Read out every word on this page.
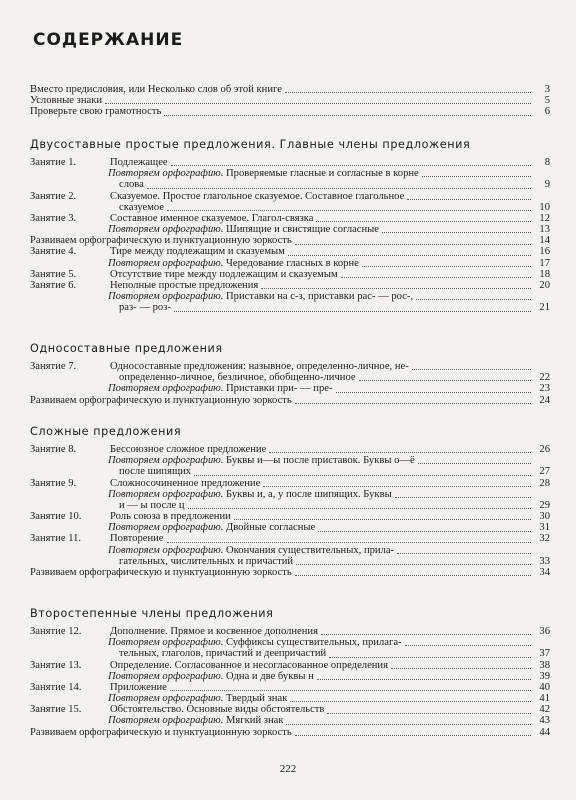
СОДЕРЖАНИЕ
Вместо предисловия, или Несколько слов об этой книге	3
Условные знаки	5
Проверьте свою грамотность	6
Двусоставные простые предложения. Главные члены предложения
Занятие 1.	Подлежащее	8
Повторяем орфографию. Проверяемые гласные и согласные в корне
слова	9
Занятие 2.	Сказуемое. Простое глагольное сказуемое. Составное глагольное
сказуемое	10
Занятие 3.	Составное именное сказуемое. Глагол-связка	12
Повторяем орфографию. Шипящие и свистящие согласные	13
Развиваем орфографическую и пунктуационную зоркость	14
Занятие 4.	Тире между подлежащим и сказуемым	16
Повторяем орфографию. Чередование гласных в корне	17
Занятие 5.	Отсутствие тире между подлежащим и сказуемым	18
Занятие 6.	Неполные простые предложения	20
Повторяем орфографию. Приставки на с-з, приставки рас- — рос-,
раз- — роз-	21
Односоставные предложения
Занятие 7.	Односоставные предложения: назывное, определенно-личное, не-
определенно-личное, безличное, обобщенно-личное	22
Повторяем орфографию. Приставки при- — пре-	23
Развиваем орфографическую и пунктуационную зоркость	24
Сложные предложения
Занятие 8.	Бессоюзное сложное предложение	26
Повторяем орфографию. Буквы и—ы после приставок. Буквы о—ё
после шипящих	27
Занятие 9.	Сложносочиненное предложение	28
Повторяем орфографию. Буквы и, а, у после шипящих. Буквы
и — ы после ц	29
Занятие 10.	Роль союза в предложении	30
Повторяем орфографию. Двойные согласные	31
Занятие 11.	Повторение	32
Повторяем орфографию. Окончания существительных, прила-
гательных, числительных и причастий	33
Развиваем орфографическую и пунктуационную зоркость	34
Второстепенные члены предложения
Занятие 12.	Дополнение. Прямое и косвенное дополнения	36
Повторяем орфографию. Суффиксы существительных, прилага-
тельных, глаголов, причастий и деепричастий	37
Занятие 13.	Определение. Согласованное и несогласованное определения	38
Повторяем орфографию. Одна и две буквы н	39
Занятие 14.	Приложение	40
Повторяем орфографию. Твердый знак	41
Занятие 15.	Обстоятельство. Основные виды обстоятельств	42
Повторяем орфографию. Мягкий знак	43
Развиваем орфографическую и пунктуационную зоркость	44
222
